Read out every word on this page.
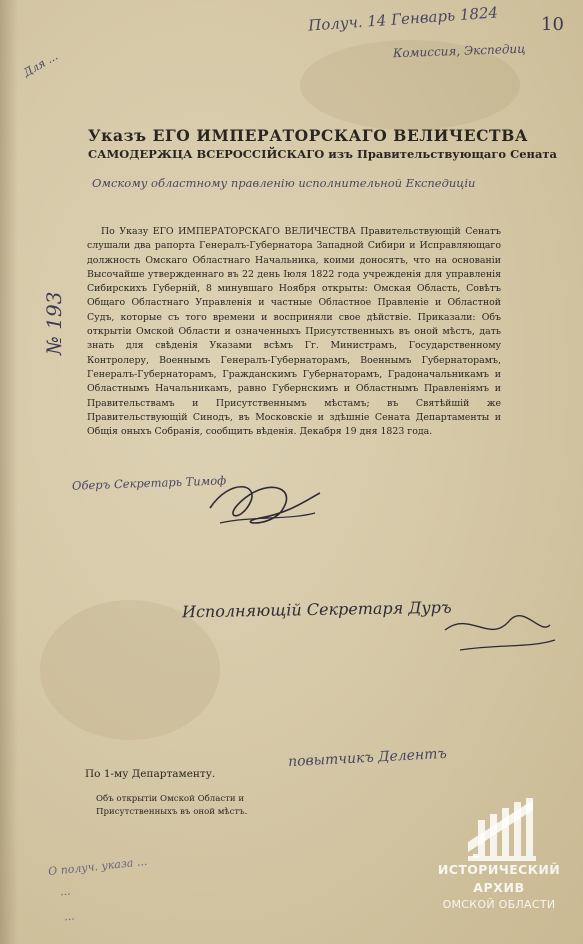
Получ. 14 Генварь 1824 10
Комиссия, Экспедиц
Для ...
№ 193
Указъ ЕГО ИМПЕРАТОРСКАГО ВЕЛИЧЕСТВА
САМОДЕРЖЦА ВСЕРОССІЙСКАГО изъ Правительствующаго Сената
Омскому областному правленію исполнительной Експедиціи

По Указу ЕГО ИМПЕРАТОРСКАГО ВЕЛИЧЕСТВА Правительствующій Сенатъ слушали два рапорта Генералъ-Губернатора Западной Сибири и Исправляющаго должность Омскаго Областнаго Начальника, коими доносятъ, что на основаніи Высочайше утвержденнаго въ 22 день Іюля 1822 года учрежденія для управленія Сибирскихъ Губерній, 8 минувшаго Ноября открыты: Омская Область, Совѣтъ Общаго Областнаго Управленія и частные Областное Правленіе и Областной Судъ, которые съ того времени и восприняли свое дѣйствіе. Приказали: Объ открытіи Омской Области и означенныхъ Присутственныхъ въ оной мѣстъ, дать знать для свѣденія Указами всѣмъ Гг. Министрамъ, Государственному Контролеру, Военнымъ Генералъ-Губернаторамъ, Военнымъ Губернаторамъ, Генералъ-Губернаторамъ, Гражданскимъ Губернаторамъ, Градоначальникамъ и Областнымъ Начальникамъ, равно Губернскимъ и Областнымъ Правленіямъ и Правительствамъ и Присутственнымъ мѣстамъ; въ Святѣйшій же Правительствующій Синодъ, въ Московскіе и здѣшніе Сената Департаменты и Общія оныхъ Собранія, сообщить вѣденія. Декабря 19 дня 1823 года.

Оберъ Секретарь Тимоф
Исполняющій Секретаря Дуръ
повытчикъ Делентъ
По 1-му Департаменту.
Объ открытіи Омской Области и Присутственныхъ въ оной мѣстъ.
О получ. указа ...
...
...
ИСТОРИЧЕСКИЙ
АРХИВ
ОМСКОЙ ОБЛАСТИ
